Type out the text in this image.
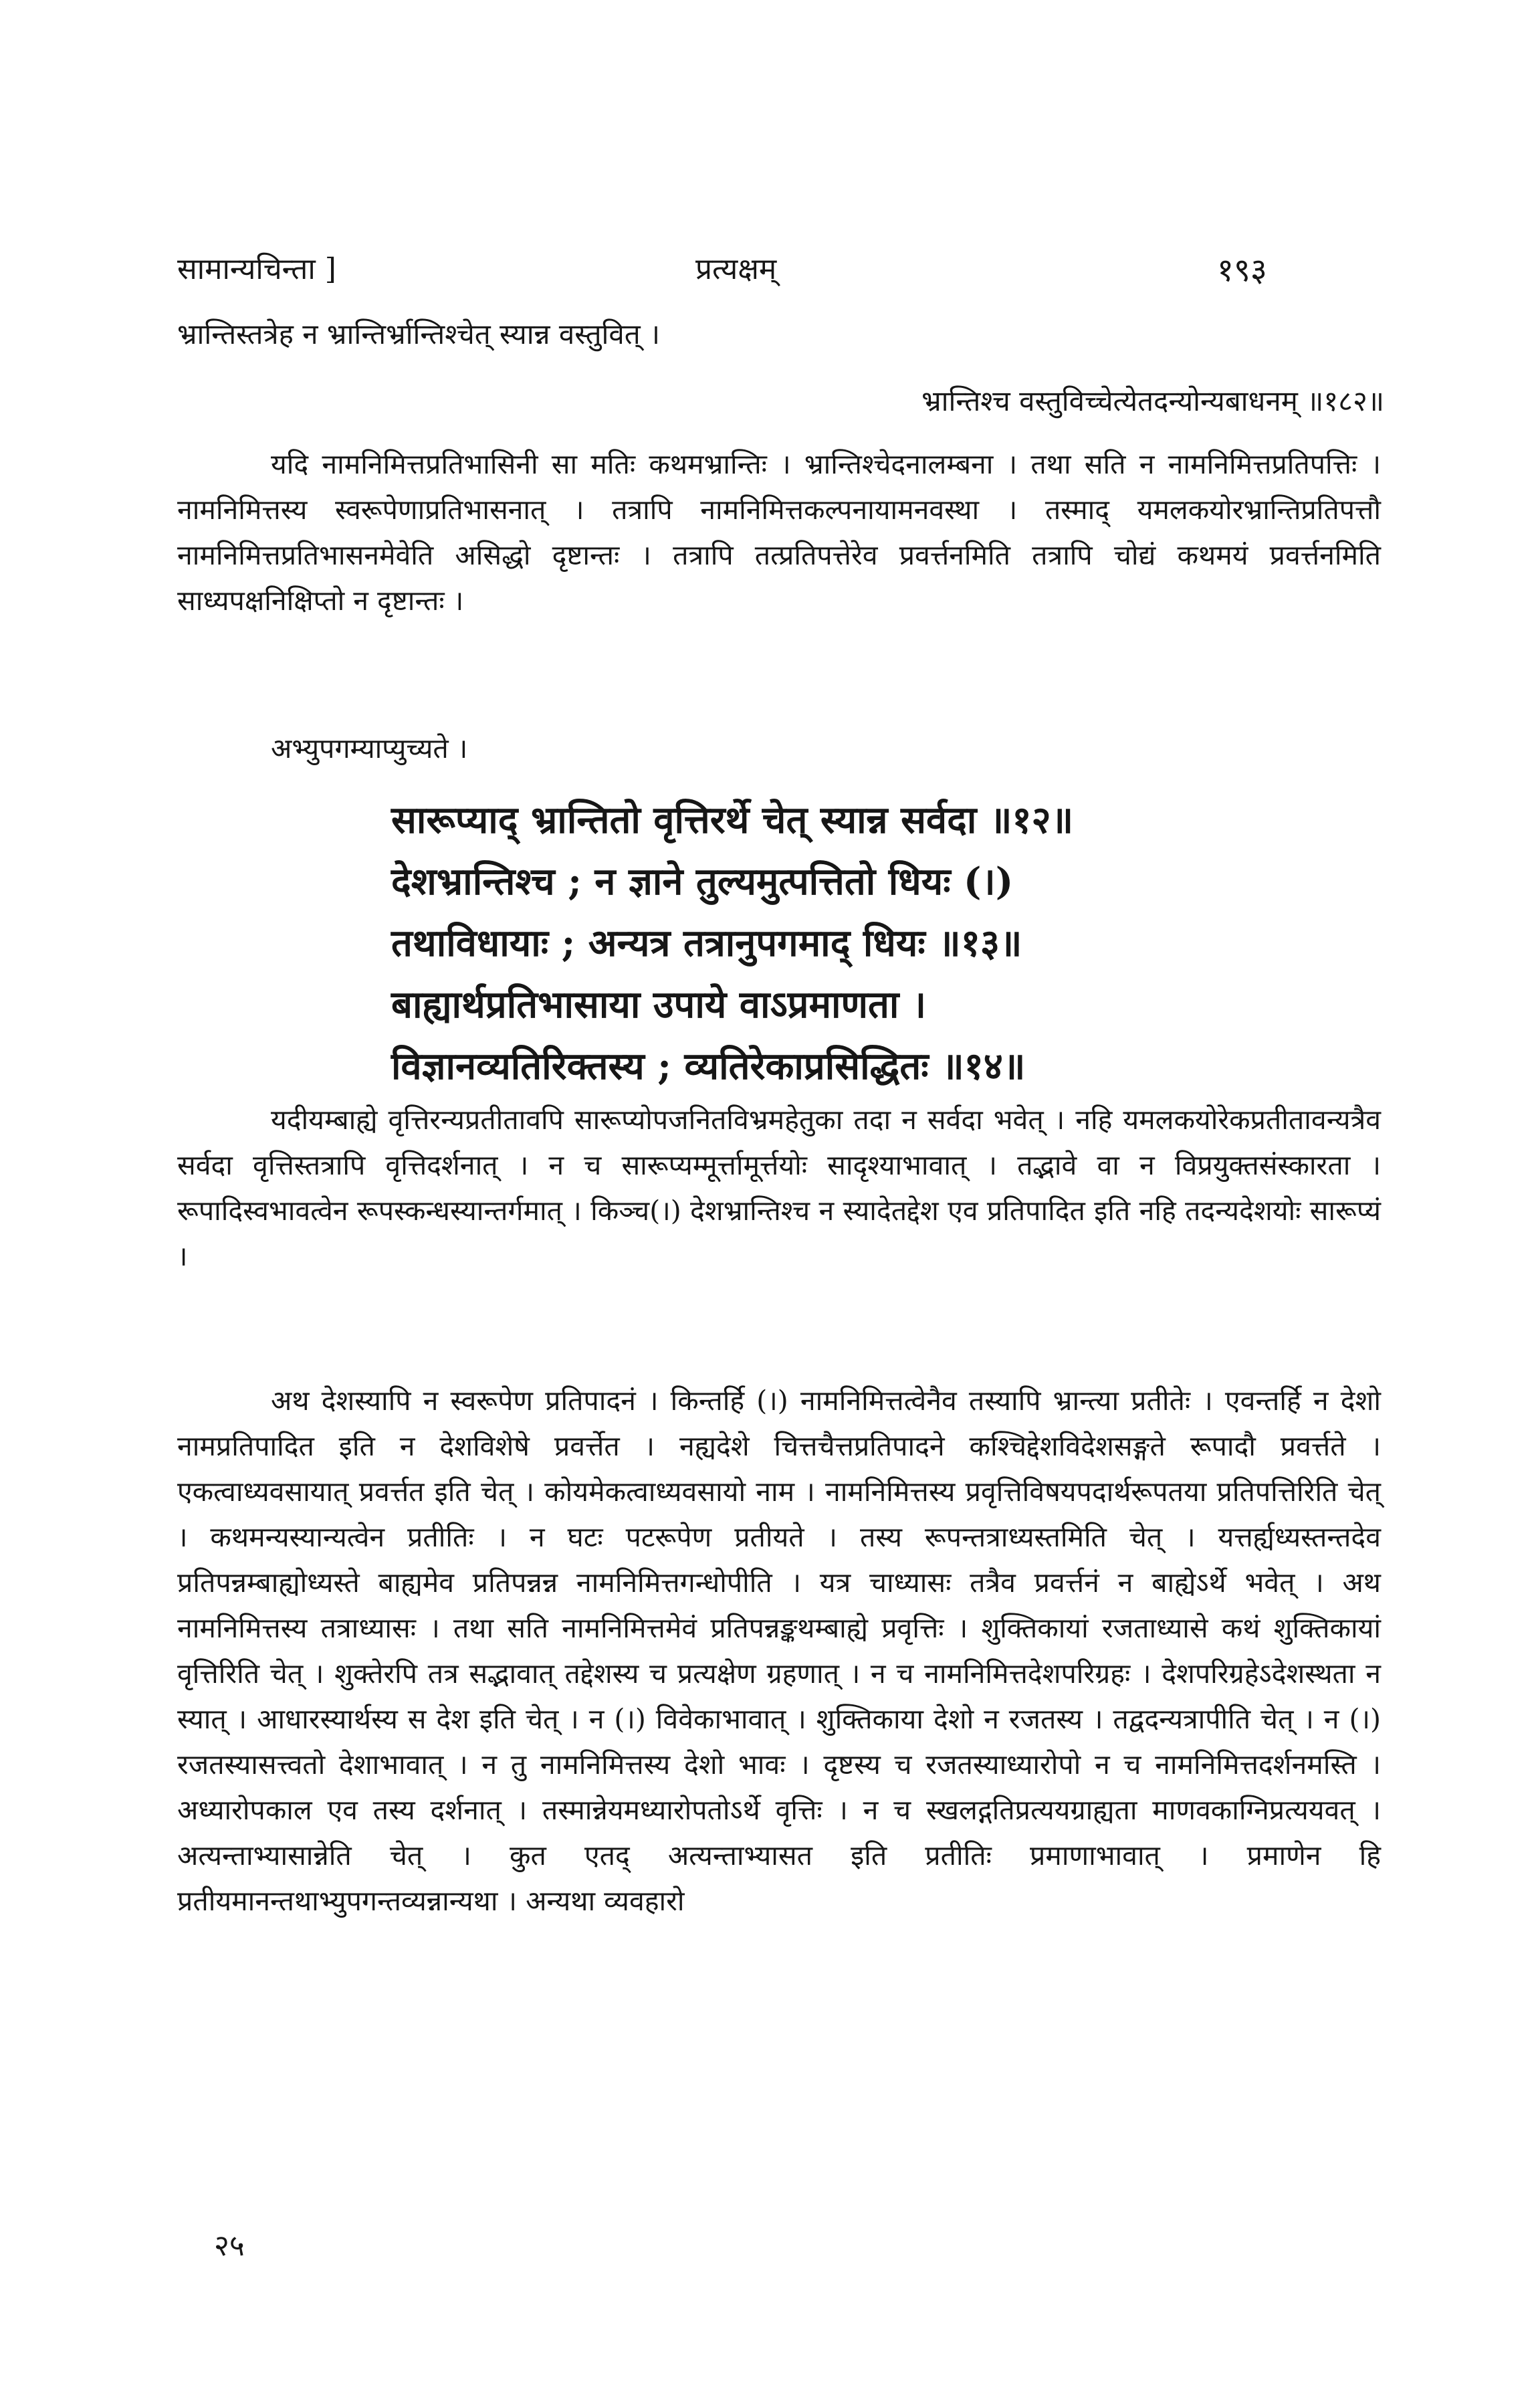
सामान्यचिन्ता ]	प्रत्यक्षम्	१९३
भ्रान्तिस्तत्रेह न भ्रान्तिर्भ्रान्तिश्चेत् स्यान्न वस्तुवित् ।
भ्रान्तिश्च वस्तुविच्चेत्येतदन्योन्यबाधनम् ॥१८२॥
यदि नामनिमित्तप्रतिभासिनी सा मतिः कथमभ्रान्तिः । भ्रान्तिश्चेदनालम्बना । तथा सति न नामनिमित्तप्रतिपत्तिः । नामनिमित्तस्य स्वरूपेणाप्रतिभासनात् । तत्रापि नामनिमित्तकल्पनायामनवस्था । तस्माद् यमलकयोरभ्रान्तिप्रतिपत्तौ नामनिमित्तप्रतिभासनमेवेति असिद्धो दृष्टान्तः । तत्रापि तत्प्रतिपत्तेरेव प्रवर्त्तनमिति तत्रापि चोद्यं कथमयं प्रवर्त्तनमिति साध्यपक्षनिक्षिप्तो न दृष्टान्तः ।
अभ्युपगम्याप्युच्यते ।
सारूप्याद् भ्रान्तितो वृत्तिरर्थे चेत् स्यान्न सर्वदा ॥१२॥
देशभ्रान्तिश्च ; न ज्ञाने तुल्यमुत्पत्तितो धियः (।)
तथाविधायाः ; अन्यत्र तत्रानुपगमाद् धियः ॥१३॥
बाह्यार्थप्रतिभासाया उपाये वाऽप्रमाणता ।
विज्ञानव्यतिरिक्तस्य ; व्यतिरेकाप्रसिद्धितः ॥१४॥
यदीयम्बाह्ये वृत्तिरन्यप्रतीतावपि सारूप्योपजनितविभ्रमहेतुका तदा न सर्वदा भवेत् । नहि यमलकयोरेकप्रतीतावन्यत्रैव सर्वदा वृत्तिस्तत्रापि वृत्तिदर्शनात् । न च सारूप्यम्मूर्त्तामूर्त्तयोः सादृश्याभावात् । तद्भावे वा न विप्रयुक्तसंस्कारता । रूपादिस्वभावत्वेन रूपस्कन्धस्यान्तर्गमात् । किञ्च(।) देशभ्रान्तिश्च न स्यादेतद्देश एव प्रतिपादित इति नहि तदन्यदेशयोः सारूप्यं ।
अथ देशस्यापि न स्वरूपेण प्रतिपादनं । किन्तर्हि (।) नामनिमित्तत्वेनैव तस्यापि भ्रान्त्या प्रतीतेः । एवन्तर्हि न देशो नामप्रतिपादित इति न देशविशेषे प्रवर्त्तेत । नह्यदेशे चित्तचैत्तप्रतिपादने कश्चिद्देशविदेशसङ्गते रूपादौ प्रवर्त्तते । एकत्वाध्यवसायात् प्रवर्त्तत इति चेत् । कोयमेकत्वाध्यवसायो नाम । नामनिमित्तस्य प्रवृत्तिविषयपदार्थरूपतया प्रतिपत्तिरिति चेत् । कथमन्यस्यान्यत्वेन प्रतीतिः । न घटः पटरूपेण प्रतीयते । तस्य रूपन्तत्राध्यस्तमिति चेत् । यत्तर्ह्यध्यस्तन्तदेव प्रतिपन्नम्बाह्योध्यस्ते बाह्यमेव प्रतिपन्नन्न नामनिमित्तगन्धोपीति । यत्र चाध्यासः तत्रैव प्रवर्त्तनं न बाह्येऽर्थे भवेत् । अथ नामनिमित्तस्य तत्राध्यासः । तथा सति नामनिमित्तमेवं प्रतिपन्नङ्कथम्बाह्ये प्रवृत्तिः । शुक्तिकायां रजताध्यासे कथं शुक्तिकायां वृत्तिरिति चेत् । शुक्तेरपि तत्र सद्भावात् तद्देशस्य च प्रत्यक्षेण ग्रहणात् । न च नामनिमित्तदेशपरिग्रहः । देशपरिग्रहेऽदेशस्थता न स्यात् । आधारस्यार्थस्य स देश इति चेत् । न (।) विवेकाभावात् । शुक्तिकाया देशो न रजतस्य । तद्वदन्यत्रापीति चेत् । न (।) रजतस्यासत्त्वतो देशाभावात् । न तु नामनिमित्तस्य देशो भावः । दृष्टस्य च रजतस्याध्यारोपो न च नामनिमित्तदर्शनमस्ति । अध्यारोपकाल एव तस्य दर्शनात् । तस्मान्नेयमध्यारोपतोऽर्थे वृत्तिः । न च स्खलद्गतिप्रत्ययग्राह्यता माणवकाग्निप्रत्ययवत् । अत्यन्ताभ्यासान्नेति चेत् । कुत एतद् अत्यन्ताभ्यासत इति प्रतीतिः प्रमाणाभावात् । प्रमाणेन हि प्रतीयमानन्तथाभ्युपगन्तव्यन्नान्यथा । अन्यथा व्यवहारो
२५
